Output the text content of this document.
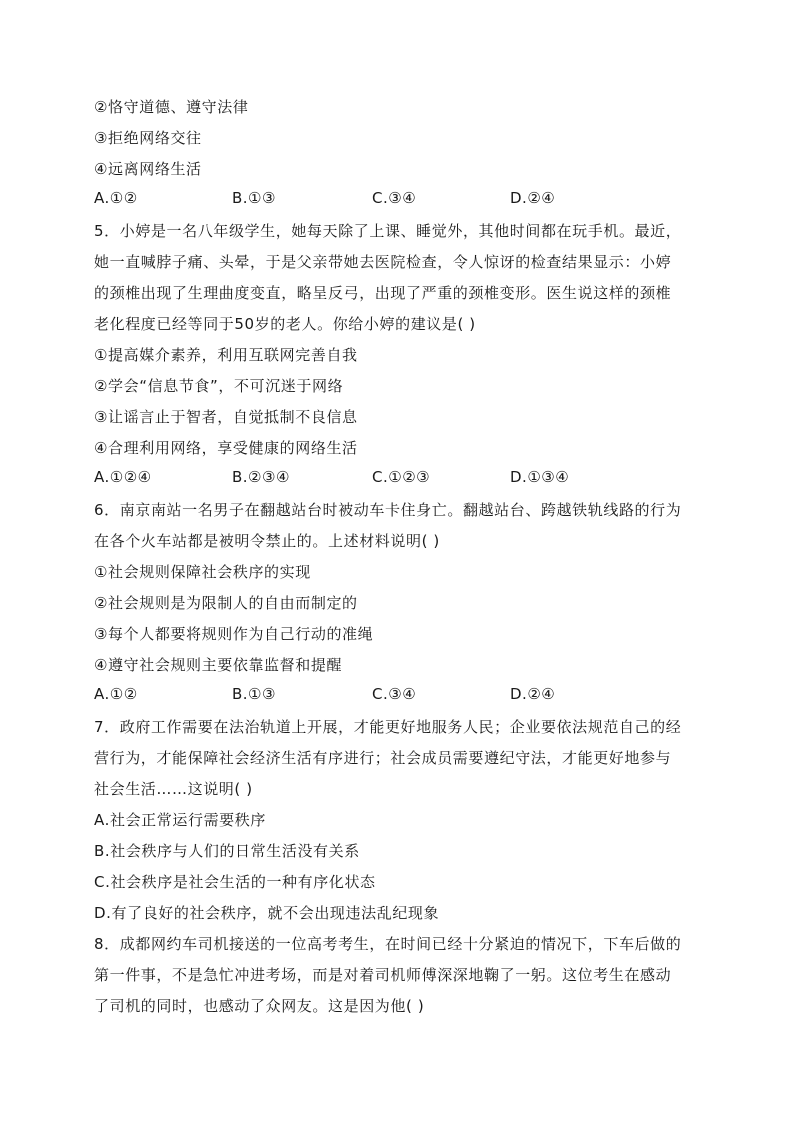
②恪守道德、遵守法律
③拒绝网络交往
④远离网络生活
A.①②	B.①③	C.③④	D.②④
5．小婷是一名八年级学生，她每天除了上课、睡觉外，其他时间都在玩手机。最近，
她一直喊脖子痛、头晕，于是父亲带她去医院检查，令人惊讶的检查结果显示：小婷
的颈椎出现了生理曲度变直，略呈反弓，出现了严重的颈椎变形。医生说这样的颈椎
老化程度已经等同于50岁的老人。你给小婷的建议是( )
①提高媒介素养，利用互联网完善自我
②学会“信息节食”，不可沉迷于网络
③让谣言止于智者，自觉抵制不良信息
④合理利用网络，享受健康的网络生活
A.①②④	B.②③④	C.①②③	D.①③④
6．南京南站一名男子在翻越站台时被动车卡住身亡。翻越站台、跨越铁轨线路的行为
在各个火车站都是被明令禁止的。上述材料说明( )
①社会规则保障社会秩序的实现
②社会规则是为限制人的自由而制定的
③每个人都要将规则作为自己行动的准绳
④遵守社会规则主要依靠监督和提醒
A.①②	B.①③	C.③④	D.②④
7．政府工作需要在法治轨道上开展，才能更好地服务人民；企业要依法规范自己的经
营行为，才能保障社会经济生活有序进行；社会成员需要遵纪守法，才能更好地参与
社会生活……这说明( )
A.社会正常运行需要秩序
B.社会秩序与人们的日常生活没有关系
C.社会秩序是社会生活的一种有序化状态
D.有了良好的社会秩序，就不会出现违法乱纪现象
8．成都网约车司机接送的一位高考考生，在时间已经十分紧迫的情况下，下车后做的
第一件事，不是急忙冲进考场，而是对着司机师傅深深地鞠了一躬。这位考生在感动
了司机的同时，也感动了众网友。这是因为他( )
